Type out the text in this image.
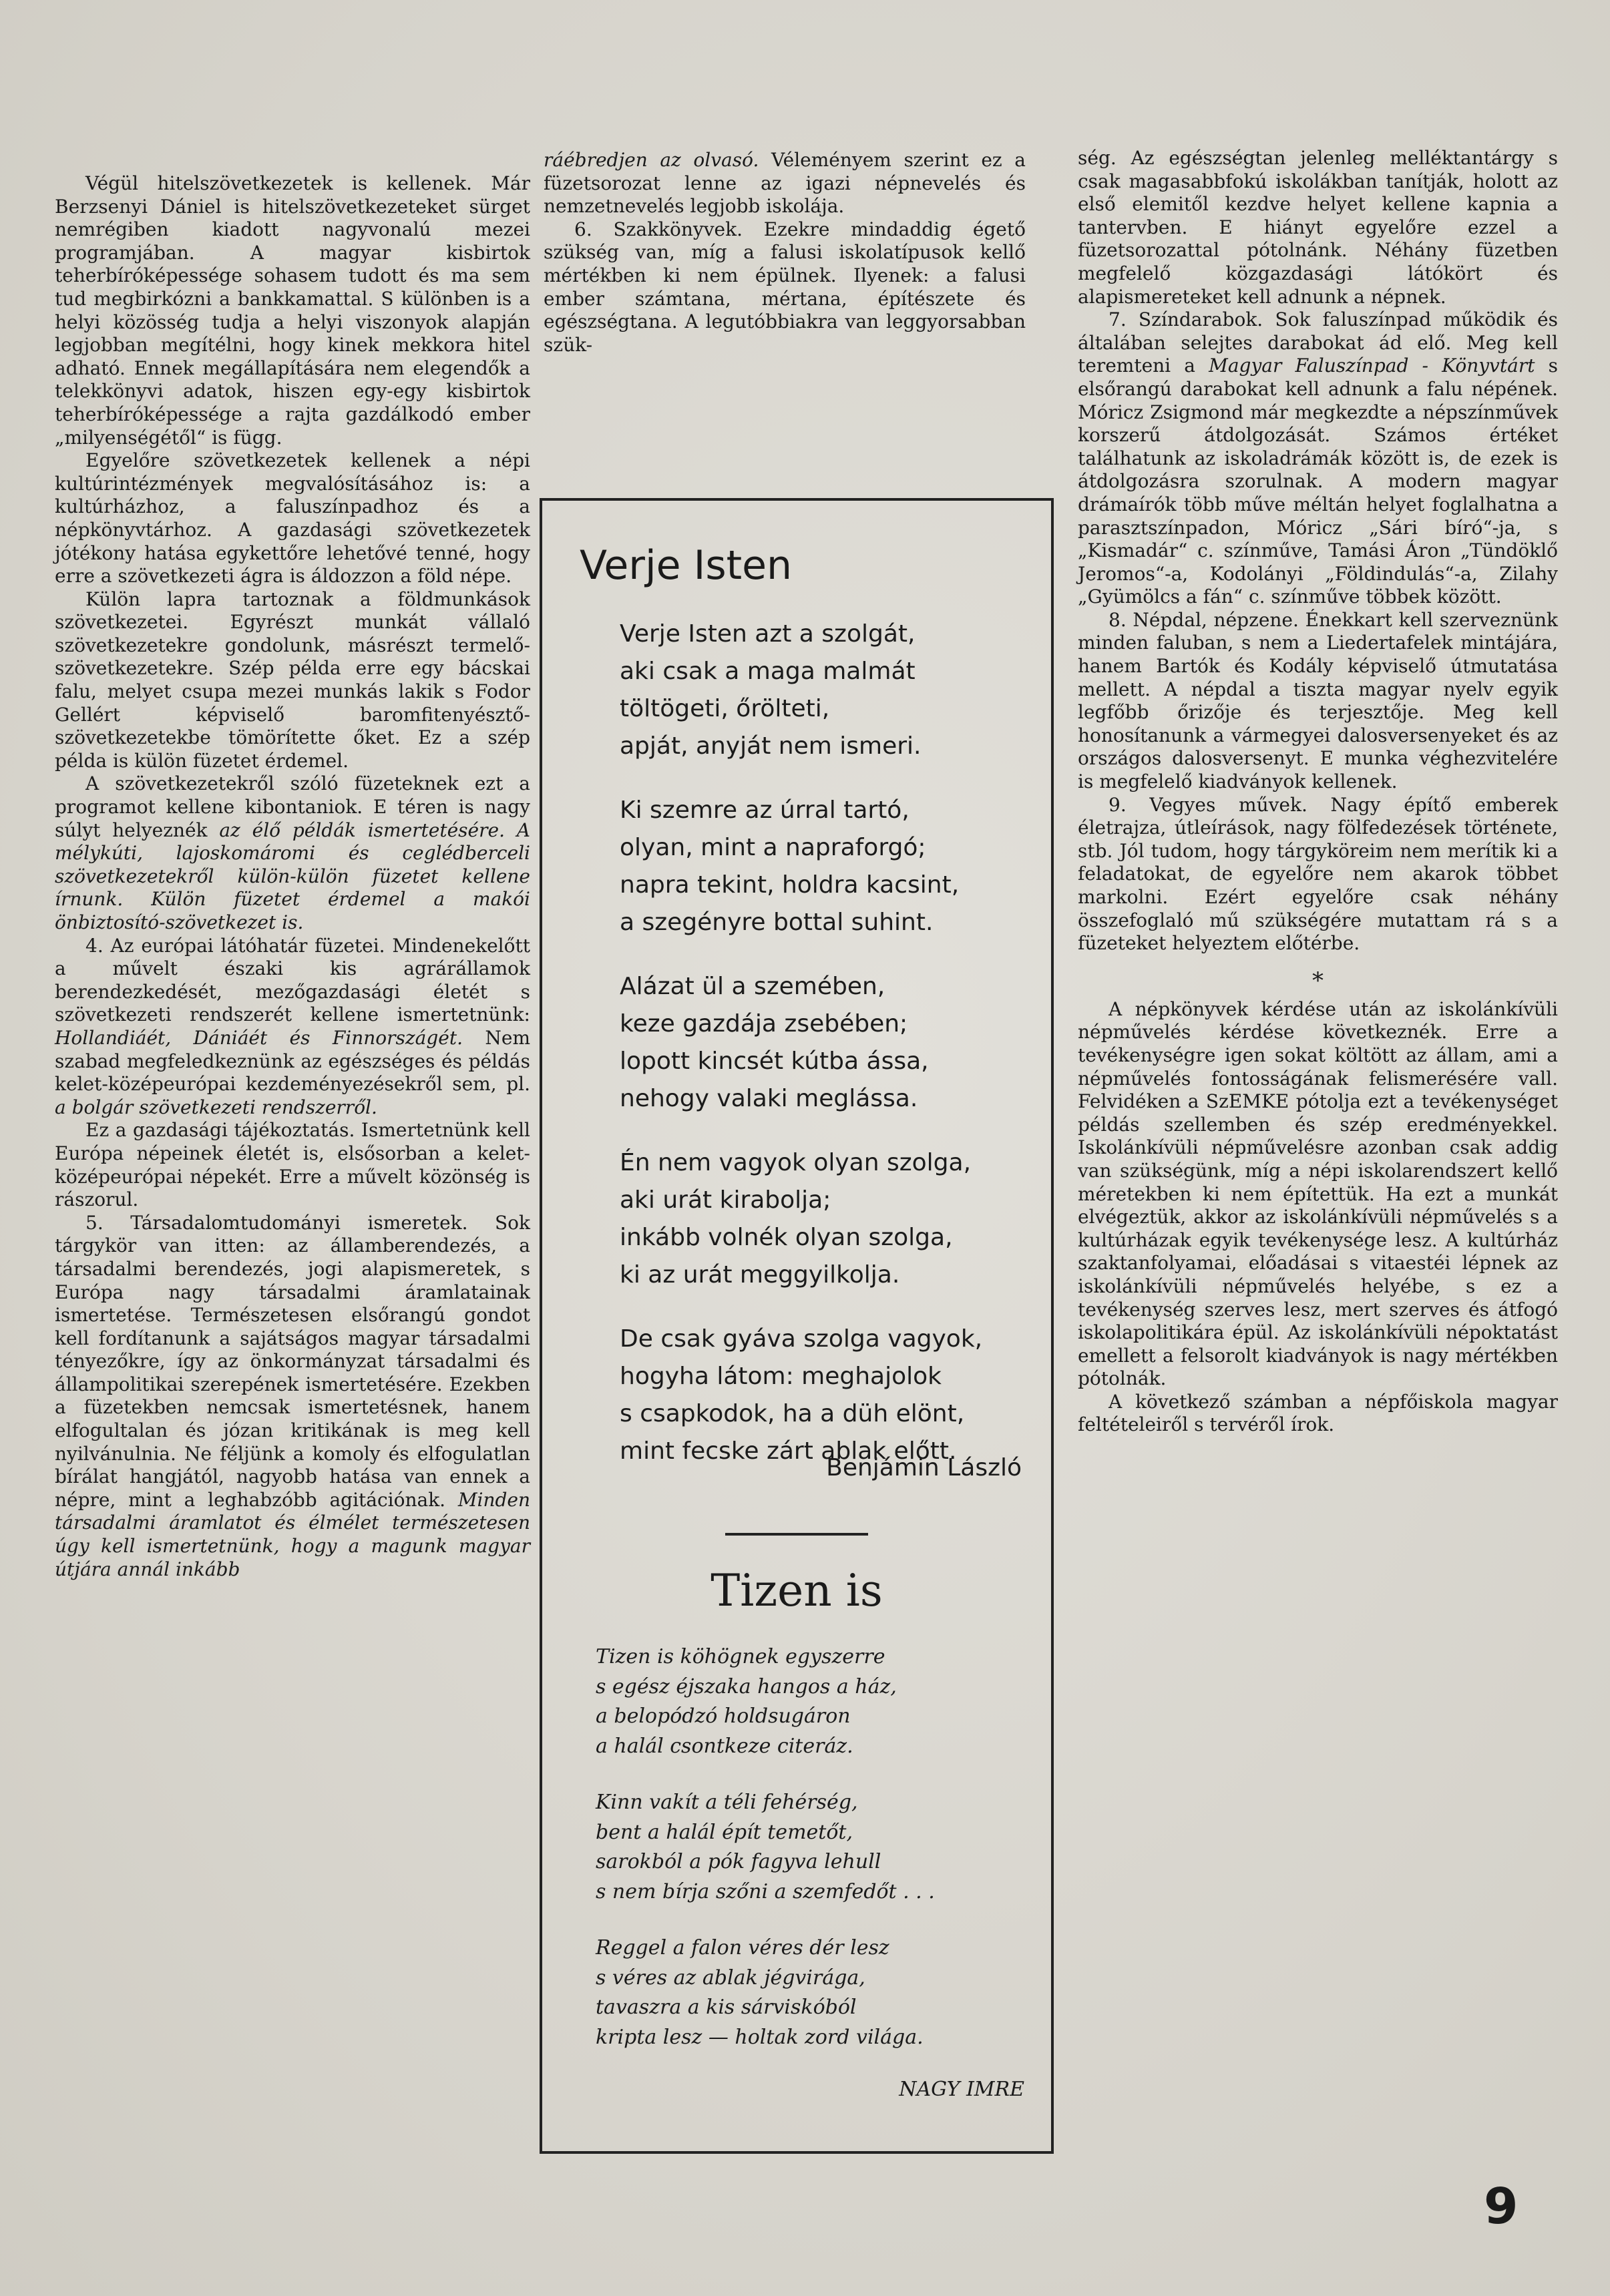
Végül hitelszövetkezetek is kellenek. Már Berzsenyi Dániel is hitelszövetkezeteket sürget nemrégiben kiadott nagyvonalú mezei programjában. A magyar kisbirtok teherbíróképessége sohasem tudott és ma sem tud megbirkózni a bankkamattal. S különben is a helyi közösség tudja a helyi viszonyok alapján legjobban megítélni, hogy kinek mekkora hitel adható. Ennek megállapítására nem elegendők a telekkönyvi adatok, hiszen egy-egy kisbirtok teherbíróképessége a rajta gazdálkodó ember „milyenségétől“ is függ.

Egyelőre szövetkezetek kellenek a népi kultúrintézmények megvalósításához is: a kultúrházhoz, a faluszínpadhoz és a népkönyvtárhoz. A gazdasági szövetkezetek jótékony hatása egykettőre lehetővé tenné, hogy erre a szövetkezeti ágra is áldozzon a föld népe.

Külön lapra tartoznak a földmunkások szövetkezetei. Egyrészt munkát vállaló szövetkezetekre gondolunk, másrészt termelő-szövetkezetekre. Szép példa erre egy bácskai falu, melyet csupa mezei munkás lakik s Fodor Gellért képviselő baromfitenyésztő-szövetkezetekbe tömörítette őket. Ez a szép példa is külön füzetet érdemel.

A szövetkezetekről szóló füzeteknek ezt a programot kellene kibontaniok. E téren is nagy súlyt helyeznék az élő példák ismertetésére. A mélykúti, lajoskomáromi és ceglédberceli szövetkezetekről külön-külön füzetet kellene írnunk. Külön füzetet érdemel a makói önbiztosító-szövetkezet is.

4. Az európai látóhatár füzetei. Mindenekelőtt a művelt északi kis agrárállamok berendezkedését, mezőgazdasági életét s szövetkezeti rendszerét kellene ismertetnünk: Hollandiáét, Dániáét és Finnországét. Nem szabad megfeledkeznünk az egészséges és példás kelet-középeurópai kezdeményezésekről sem, pl. a bolgár szövetkezeti rendszerről.

Ez a gazdasági tájékoztatás. Ismertetnünk kell Európa népeinek életét is, elsősorban a kelet-középeurópai népekét. Erre a művelt közönség is rászorul.

5. Társadalomtudományi ismeretek. Sok tárgykör van itten: az államberendezés, a társadalmi berendezés, jogi alapismeretek, s Európa nagy társadalmi áramlatainak ismertetése. Természetesen elsőrangú gondot kell fordítanunk a sajátságos magyar társadalmi tényezőkre, így az önkormányzat társadalmi és állampolitikai szerepének ismertetésére. Ezekben a füzetekben nemcsak ismertetésnek, hanem elfogultalan és józan kritikának is meg kell nyilvánulnia. Ne féljünk a komoly és elfogulatlan bírálat hangjától, nagyobb hatása van ennek a népre, mint a leghabzóbb agitációnak. Minden társadalmi áramlatot és élmélet természetesen úgy kell ismertetnünk, hogy a magunk magyar útjára annál inkább

ráébredjen az olvasó. Véleményem szerint ez a füzetsorozat lenne az igazi népnevelés és nemzetnevelés legjobb iskolája.

6. Szakkönyvek. Ezekre mindaddig égető szükség van, míg a falusi iskolatípusok kellő mértékben ki nem épülnek. Ilyenek: a falusi ember számtana, mértana, építészete és egészségtana. A legutóbbiakra van leggyorsabban szük-

Verje Isten
Verje Isten azt a szolgát,
aki csak a maga malmát
töltögeti, őrölteti,
apját, anyját nem ismeri.
Ki szemre az úrral tartó,
olyan, mint a napraforgó;
napra tekint, holdra kacsint,
a szegényre bottal suhint.
Alázat ül a szemében,
keze gazdája zsebében;
lopott kincsét kútba ássa,
nehogy valaki meglássa.
Én nem vagyok olyan szolga,
aki urát kirabolja;
inkább volnék olyan szolga,
ki az urát meggyilkolja.
De csak gyáva szolga vagyok,
hogyha látom: meghajolok
s csapkodok, ha a düh elönt,
mint fecske zárt ablak előtt.
Benjámin László
Tizen is
Tizen is köhögnek egyszerre
s egész éjszaka hangos a ház,
a belopódzó holdsugáron
a halál csontkeze citeráz.
Kinn vakít a téli fehérség,
bent a halál épít temetőt,
sarokból a pók fagyva lehull
s nem bírja szőni a szemfedőt . . .
Reggel a falon véres dér lesz
s véres az ablak jégvirága,
tavaszra a kis sárviskóból
kripta lesz — holtak zord világa.
NAGY IMRE

ség. Az egészségtan jelenleg melléktantárgy s csak magasabbfokú iskolákban tanítják, holott az első elemitől kezdve helyet kellene kapnia a tantervben. E hiányt egyelőre ezzel a füzetsorozattal pótolnánk. Néhány füzetben megfelelő közgazdasági látókört és alapismereteket kell adnunk a népnek.

7. Színdarabok. Sok faluszínpad működik és általában selejtes darabokat ád elő. Meg kell teremteni a Magyar Faluszínpad - Könyvtárt s elsőrangú darabokat kell adnunk a falu népének. Móricz Zsigmond már megkezdte a népszínművek korszerű átdolgozását. Számos értéket találhatunk az iskoladrámák között is, de ezek is átdolgozásra szorulnak. A modern magyar drámaírók több műve méltán helyet foglalhatna a parasztszínpadon, Móricz „Sári bíró“-ja, s „Kismadár“ c. színműve, Tamási Áron „Tündöklő Jeromos“-a, Kodolányi „Földindulás“-a, Zilahy „Gyümölcs a fán“ c. színműve többek között.

8. Népdal, népzene. Énekkart kell szerveznünk minden faluban, s nem a Liedertafelek mintájára, hanem Bartók és Kodály képviselő útmutatása mellett. A népdal a tiszta magyar nyelv egyik legfőbb őrizője és terjesztője. Meg kell honosítanunk a vármegyei dalosversenyeket és az országos dalosversenyt. E munka véghezvitelére is megfelelő kiadványok kellenek.

9. Vegyes művek. Nagy építő emberek életrajza, útleírások, nagy fölfedezések története, stb. Jól tudom, hogy tárgyköreim nem merítik ki a feladatokat, de egyelőre nem akarok többet markolni. Ezért egyelőre csak néhány összefoglaló mű szükségére mutattam rá s a füzeteket helyeztem előtérbe.

*

A népkönyvek kérdése után az iskolánkívüli népművelés kérdése következnék. Erre a tevékenységre igen sokat költött az állam, ami a népművelés fontosságának felismerésére vall. Felvidéken a SzEMKE pótolja ezt a tevékenységet példás szellemben és szép eredményekkel. Iskolánkívüli népművelésre azonban csak addig van szükségünk, míg a népi iskolarendszert kellő méretekben ki nem építettük. Ha ezt a munkát elvégeztük, akkor az iskolánkívüli népművelés s a kultúrházak egyik tevékenysége lesz. A kultúrház szaktanfolyamai, előadásai s vitaestéi lépnek az iskolánkívüli népművelés helyébe, s ez a tevékenység szerves lesz, mert szerves és átfogó iskolapolitikára épül. Az iskolánkívüli népoktatást emellett a felsorolt kiadványok is nagy mértékben pótolnák.

A következő számban a népfőiskola magyar feltételeiről s tervéről írok.

9
